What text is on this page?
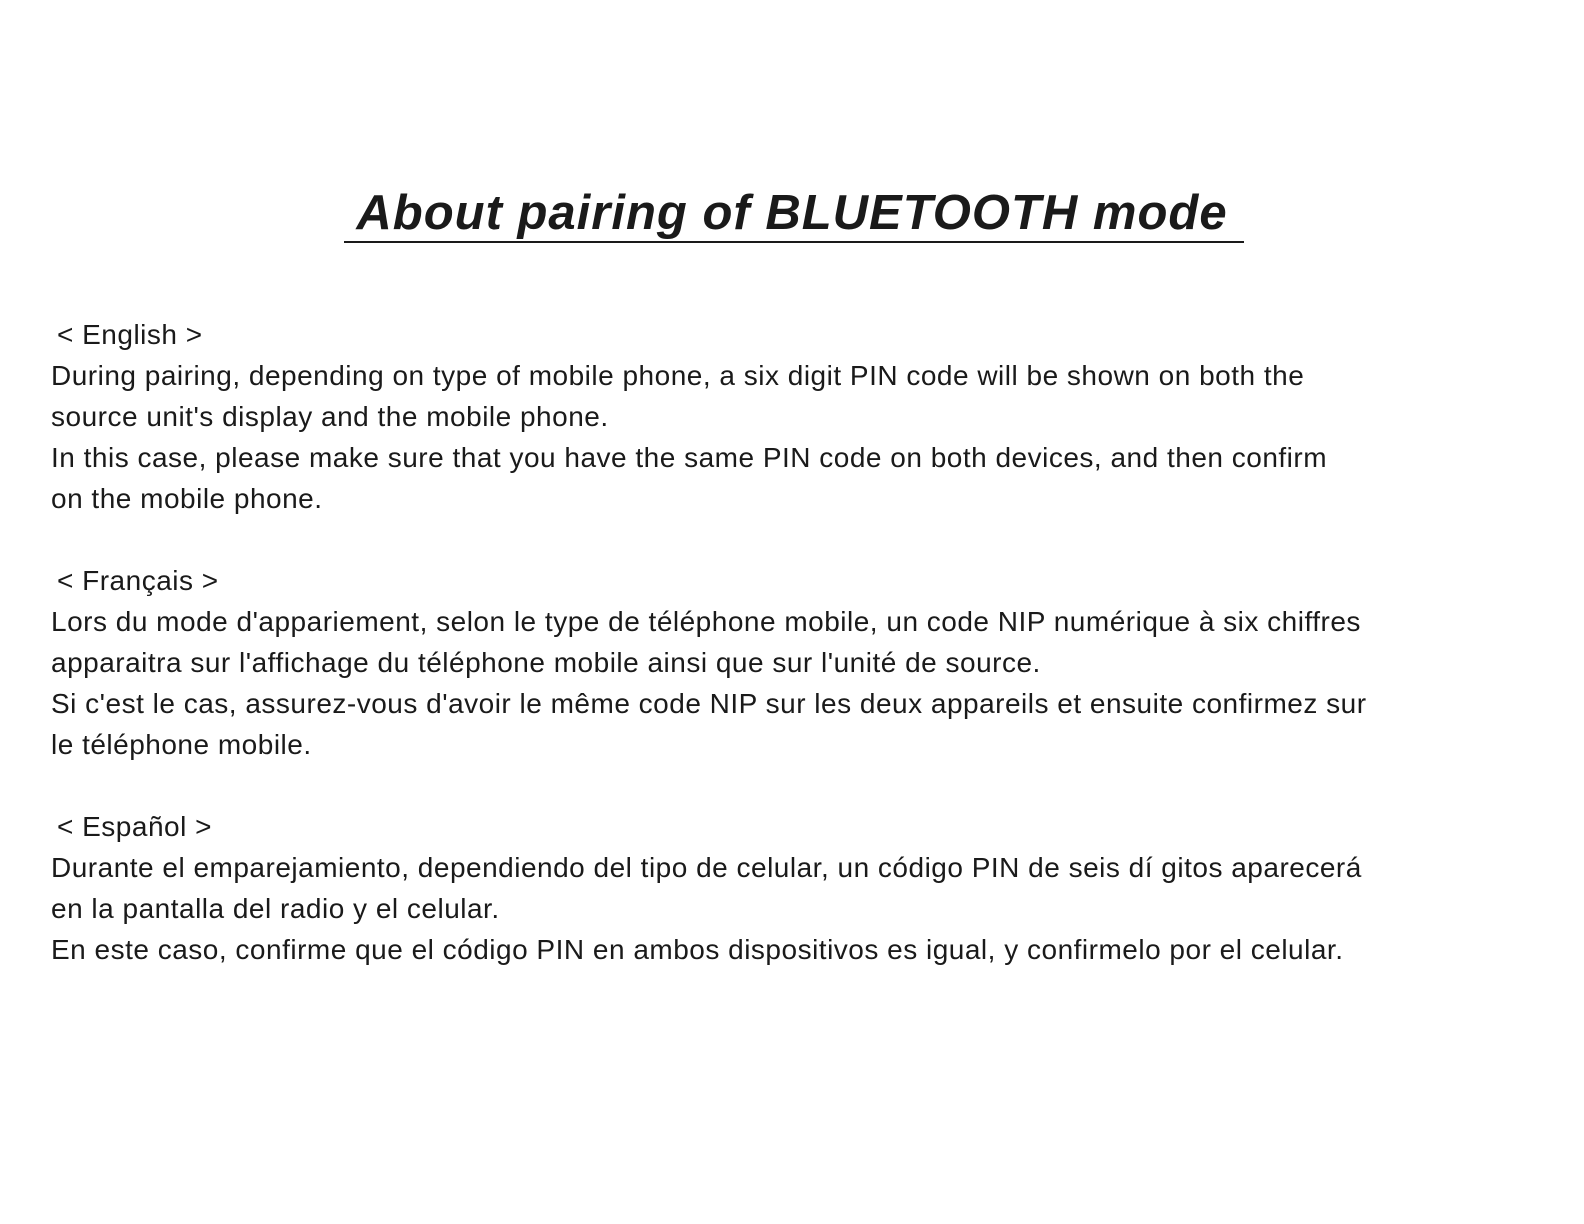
About pairing of BLUETOOTH mode
< English >
During pairing, depending on type of mobile phone, a six digit PIN code will be shown on both the
source unit's display and the mobile phone.
In this case, please make sure that you have the same PIN code on both devices, and then confirm
on the mobile phone.
< Français >
Lors du mode d'appariement, selon le type de téléphone mobile, un code NIP numérique à six chiffres
apparaitra sur l'affichage du téléphone mobile ainsi que sur l'unité de source.
Si c'est le cas, assurez-vous d'avoir le même code NIP sur les deux appareils et ensuite confirmez sur
le téléphone mobile.
< Español >
Durante el emparejamiento, dependiendo del tipo de celular, un código PIN de seis dí gitos aparecerá
en la pantalla del radio y el celular.
En este caso, confirme que el código PIN en ambos dispositivos es igual, y confirmelo por el celular.
